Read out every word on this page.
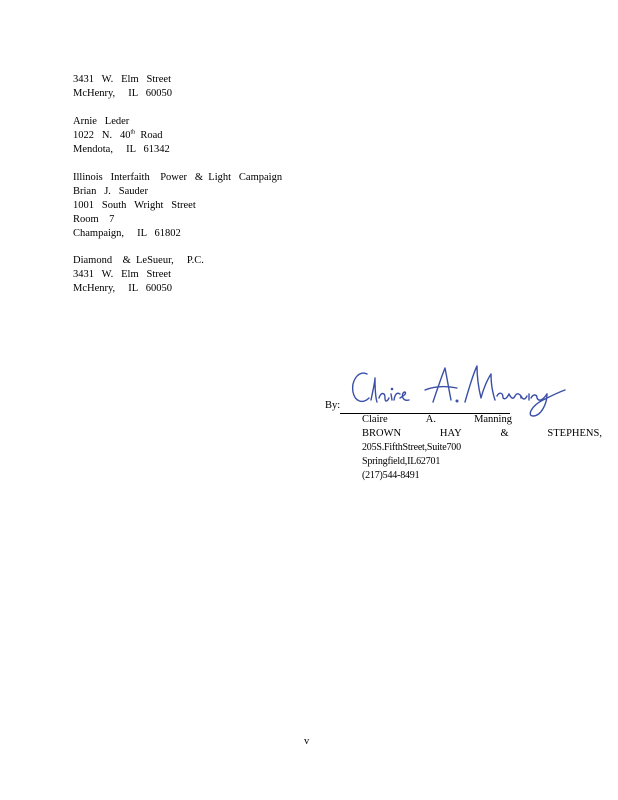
3431   W.   Elm   Street
McHenry,     IL   60050
Arnie   Leder
1022   N.   40th  Road
Mendota,     IL   61342
Illinois   Interfaith    Power   &  Light   Campaign
Brian   J.   Sauder
1001   South   Wright   Street
Room    7
Champaign,     IL   61802
Diamond    &  LeSueur,     P.C.
3431   W.   Elm   Street
McHenry,     IL   60050
By:
Claire	A.	Manning
BROWN	HAY	&	STEPHENS,
205S.FifthStreet,Suite700
Springfield,IL62701
(217)544-8491
v
